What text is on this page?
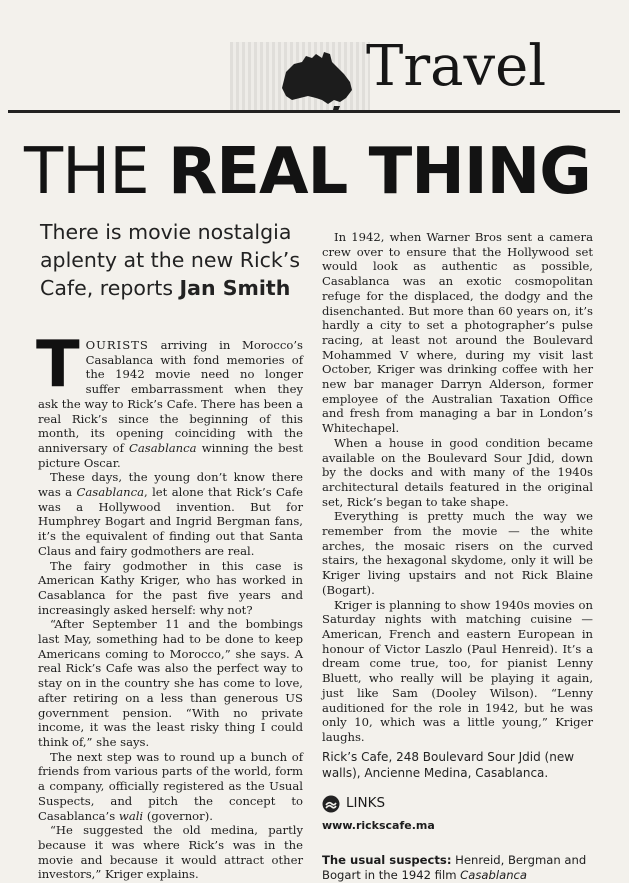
Travel
THE REAL THING
There is movie nostalgia aplenty at the new Rick’s Cafe, reports Jan Smith

TOURISTS arriving in Morocco’s Casablanca with fond memories of the 1942 movie need no longer suffer embarrassment when they ask the way to Rick’s Cafe. There has been a real Rick’s since the beginning of this month, its opening coinciding with the anniversary of Casablanca winning the best picture Oscar.

These days, the young don’t know there was a Casablanca, let alone that Rick’s Cafe was a Hollywood invention. But for Humphrey Bogart and Ingrid Bergman fans, it’s the equivalent of finding out that Santa Claus and fairy godmothers are real.

The fairy godmother in this case is American Kathy Kriger, who has worked in Casablanca for the past five years and increasingly asked herself: why not?

“After September 11 and the bombings last May, something had to be done to keep Americans coming to Morocco,” she says. A real Rick’s Cafe was also the perfect way to stay on in the country she has come to love, after retiring on a less than generous US government pension. “With no private income, it was the least risky thing I could think of,” she says.

The next step was to round up a bunch of friends from various parts of the world, form a company, officially registered as the Usual Suspects, and pitch the concept to Casablanca’s wali (governor).

“He suggested the old medina, partly because it was where Rick’s was in the movie and because it would attract other investors,” Kriger explains.

In 1942, when Warner Bros sent a camera crew over to ensure that the Hollywood set would look as authentic as possible, Casablanca was an exotic cosmopolitan refuge for the displaced, the dodgy and the disenchanted. But more than 60 years on, it’s hardly a city to set a photographer’s pulse racing, at least not around the Boulevard Mohammed V where, during my visit last October, Kriger was drinking coffee with her new bar manager Darryn Alderson, former employee of the Australian Taxation Office and fresh from managing a bar in London’s Whitechapel.

When a house in good condition became available on the Boulevard Sour Jdid, down by the docks and with many of the 1940s architectural details featured in the original set, Rick’s began to take shape.

Everything is pretty much the way we remember from the movie — the white arches, the mosaic risers on the curved stairs, the hexagonal skydome, only it will be Kriger living upstairs and not Rick Blaine (Bogart).

Kriger is planning to show 1940s movies on Saturday nights with matching cuisine — American, French and eastern European in honour of Victor Laszlo (Paul Henreid). It’s a dream come true, too, for pianist Lenny Bluett, who really will be playing it again, just like Sam (Dooley Wilson). “Lenny auditioned for the role in 1942, but he was only 10, which was a little young,” Kriger laughs.

Rick’s Cafe, 248 Boulevard Sour Jdid (new walls), Ancienne Medina, Casablanca.
LINKS
www.rickscafe.ma
The usual suspects: Henreid, Bergman and Bogart in the 1942 film Casablanca
